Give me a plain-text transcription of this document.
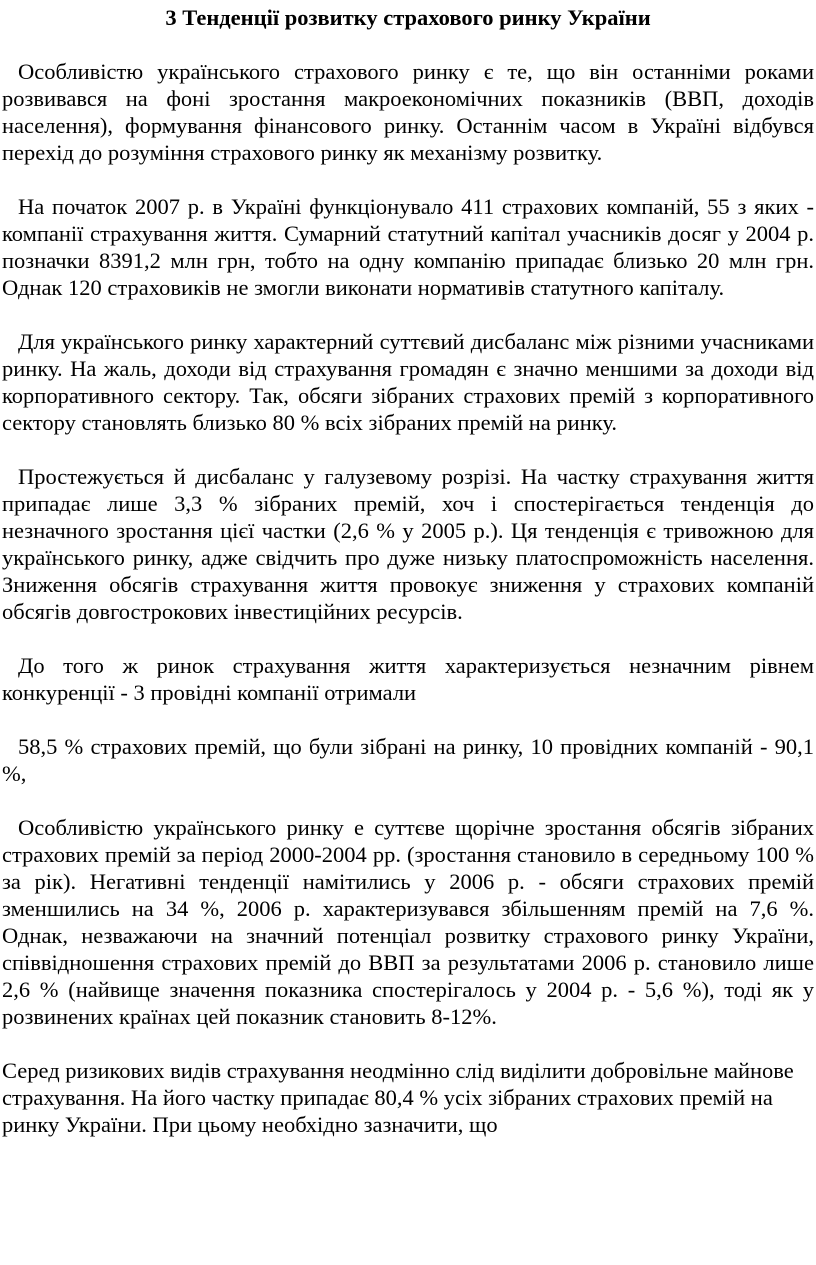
3 Тенденції розвитку страхового ринку України

Особливістю українського страхового ринку є те, що він останніми роками розвивався на фоні зростання макроекономічних показників (ВВП, доходів населення), формування фінансового ринку. Останнім часом в Україні відбувся перехід до розуміння страхового ринку як механізму розвитку.

На початок 2007 р. в Україні функціонувало 411 страхових компаній, 55 з яких - компанії страхування життя. Сумарний статутний капітал учасників досяг у 2004 р. позначки 8391,2 млн грн, тобто на одну компанію припадає близько 20 млн грн. Однак 120 страховиків не змогли виконати нормативів статутного капіталу.

Для українського ринку характерний суттєвий дисбаланс між різними учасниками ринку. На жаль, доходи від страхування громадян є значно меншими за доходи від корпоративного сектору. Так, обсяги зібраних страхових премій з корпоративного сектору становлять близько 80 % всіх зібраних премій на ринку.

Простежується й дисбаланс у галузевому розрізі. На частку страхування життя припадає лише 3,3 % зібраних премій, хоч і спостерігається тенденція до незначного зростання цієї частки (2,6 % у 2005 р.). Ця тенденція є тривожною для українського ринку, адже свідчить про дуже низьку платоспроможність населення. Зниження обсягів страхування життя провокує зниження у страхових компаній обсягів довгострокових інвестиційних ресурсів.

До того ж ринок страхування життя характеризується незначним рівнем конкуренції - 3 провідні компанії отримали

58,5 % страхових премій, що були зібрані на ринку, 10 провідних компаній - 90,1 %,

Особливістю українського ринку е суттєве щорічне зростання обсягів зібраних страхових премій за період 2000-2004 рр. (зростання становило в середньому 100 % за рік). Негативні тенденції намітились у 2006 р. - обсяги страхових премій зменшились на 34 %, 2006 р. характеризувався збільшенням премій на 7,6 %. Однак, незважаючи на значний потенціал розвитку страхового ринку України, співвідношення страхових премій до ВВП за результатами 2006 р. становило лише 2,6 % (найвище значення показника спостерігалось у 2004 р. - 5,6 %), тоді як у розвинених країнах цей показник становить 8-12%.

Серед ризикових видів страхування неодмінно слід виділити добровільне майнове страхування. На його частку припадає 80,4 % усіх зібраних страхових премій на ринку України. При цьому необхідно зазначити, що
